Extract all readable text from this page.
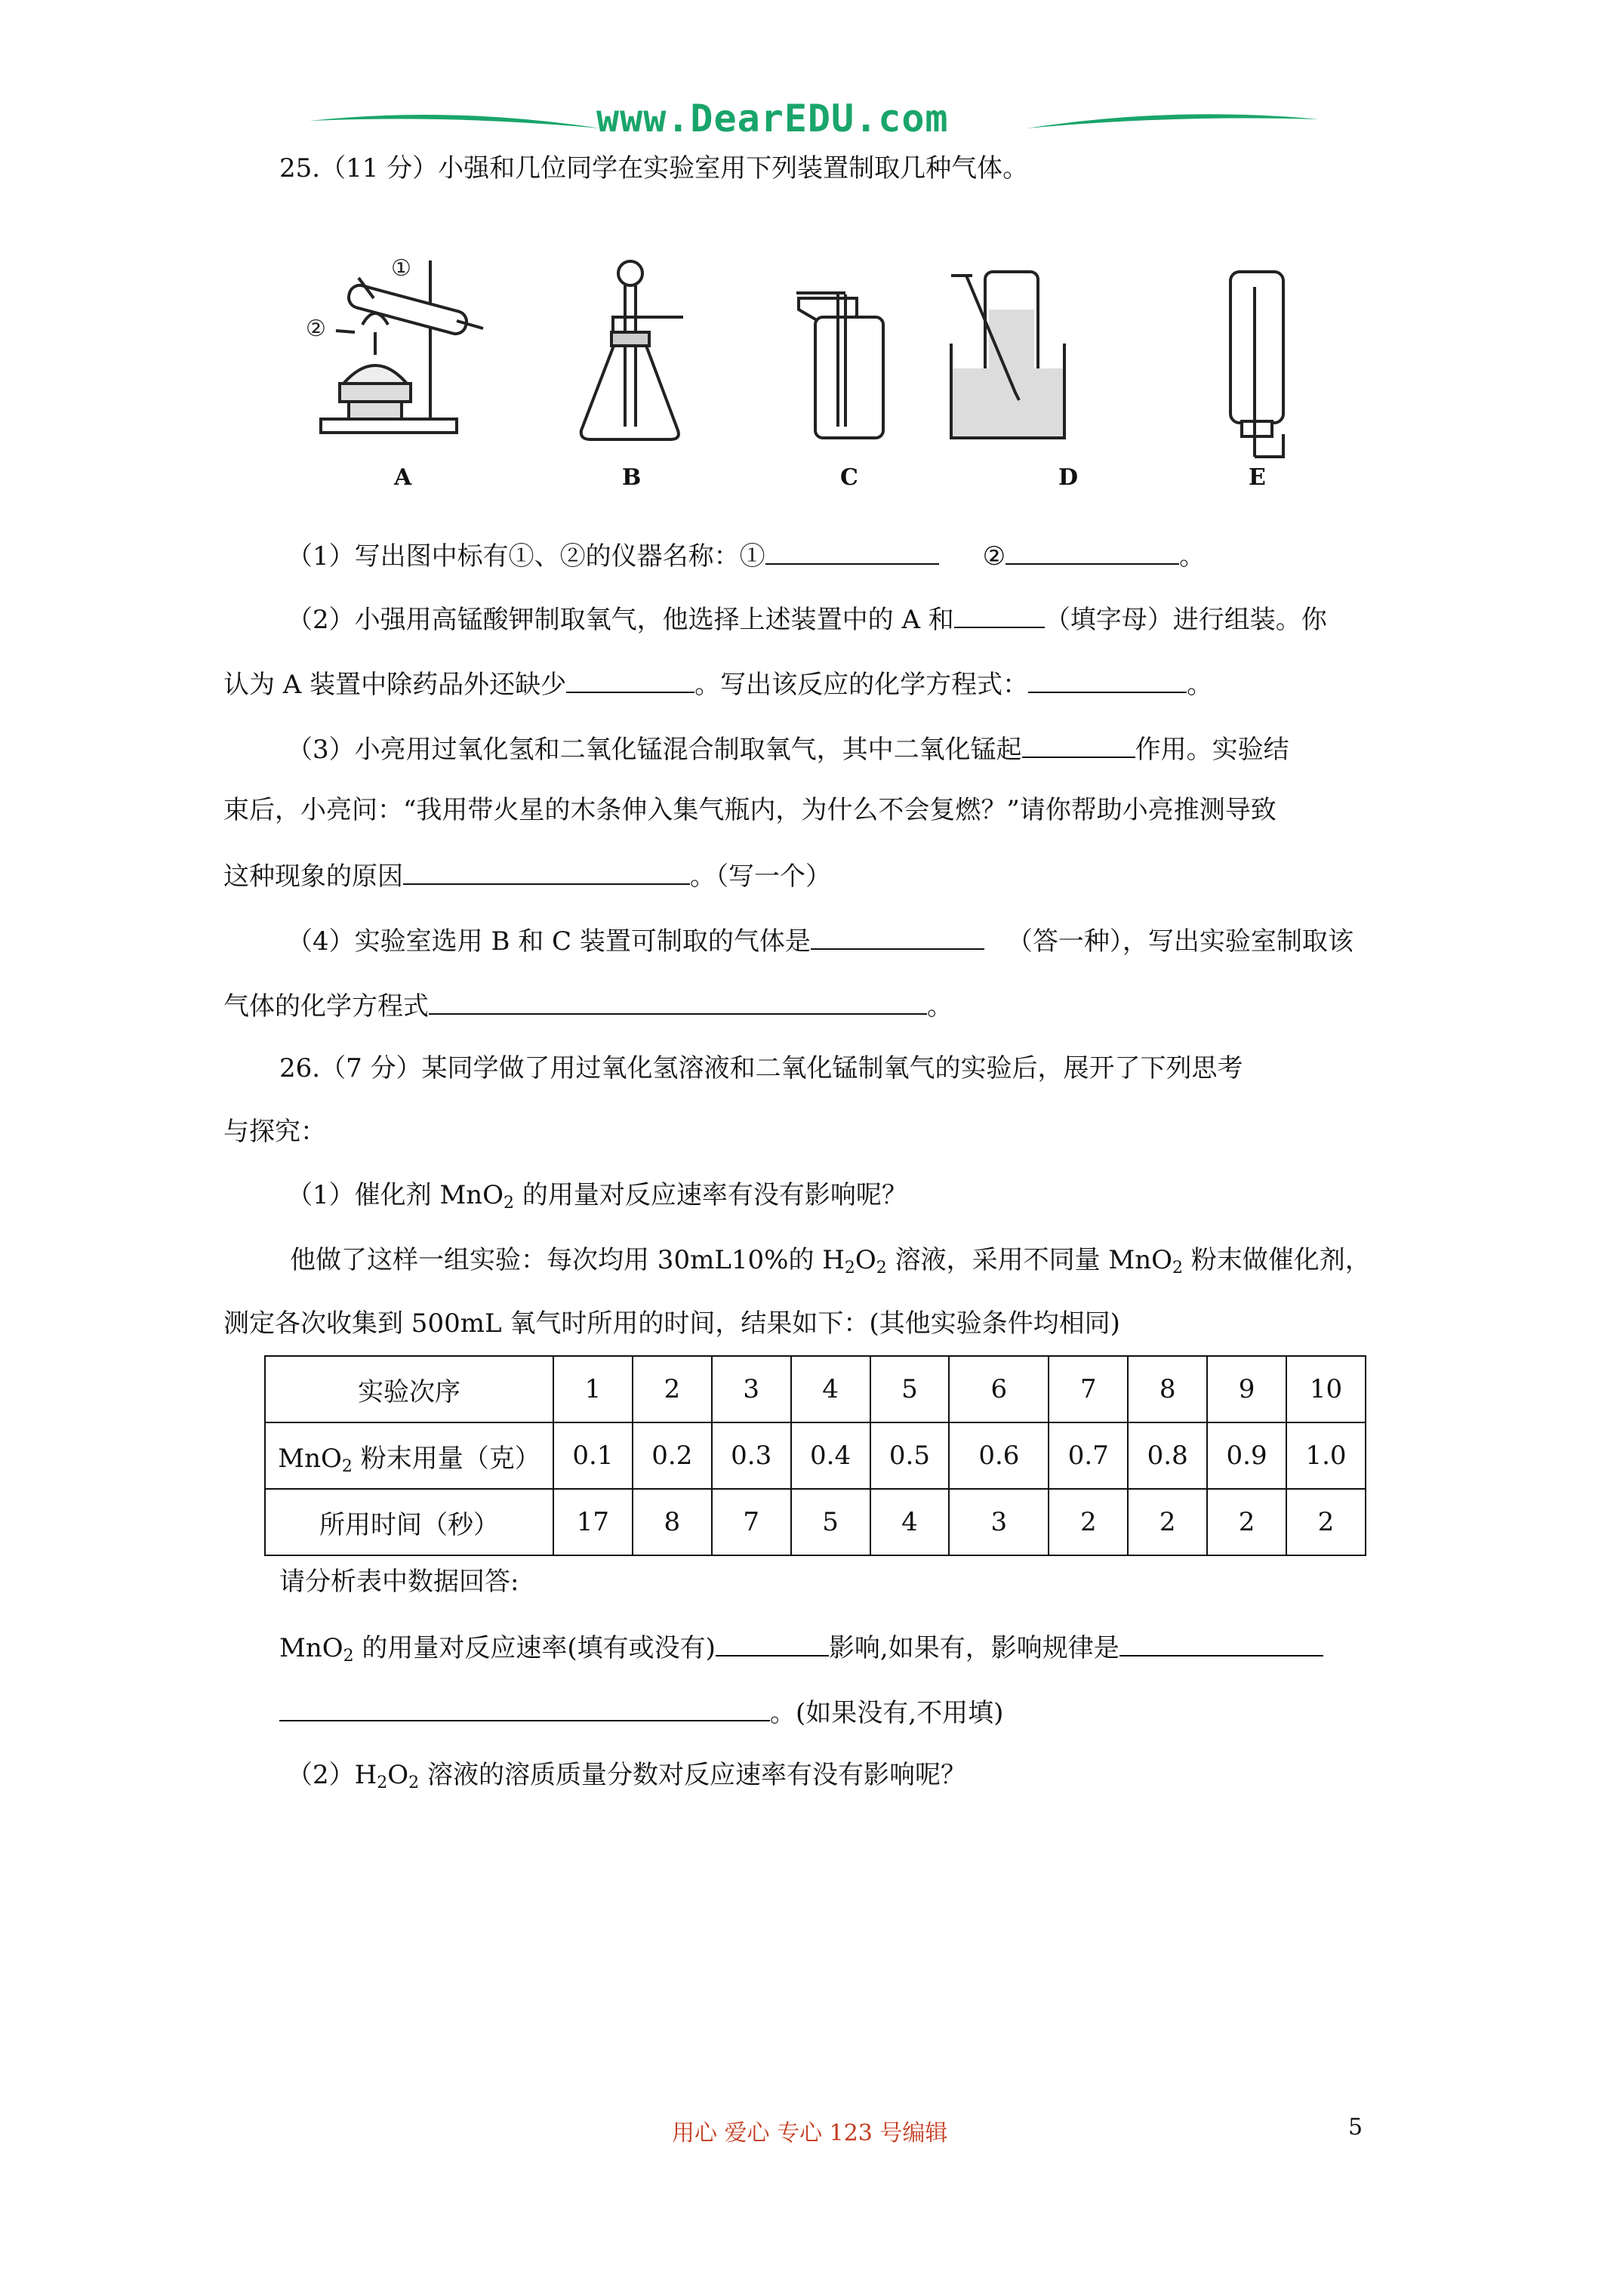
www.DearEDU.com
25.（11 分）小强和几位同学在实验室用下列装置制取几种气体。
①
②
A	B	C	D	E
（1）写出图中标有①、②的仪器名称：①	②	。
（2）小强用高锰酸钾制取氧气，他选择上述装置中的 A 和	（填字母）进行组装。你
认为 A 装置中除药品外还缺少	。写出该反应的化学方程式：	。
（3）小亮用过氧化氢和二氧化锰混合制取氧气，其中二氧化锰起	作用。实验结
束后，小亮问：“我用带火星的木条伸入集气瓶内，为什么不会复燃？”请你帮助小亮推测导致
这种现象的原因	。（写一个）
（4）实验室选用 B 和 C 装置可制取的气体是	（答一种），写出实验室制取该
气体的化学方程式	。
26.（7 分）某同学做了用过氧化氢溶液和二氧化锰制氧气的实验后，展开了下列思考
与探究：
（1）催化剂 MnO$_2$ 的用量对反应速率有没有影响呢？
他做了这样一组实验：每次均用 30mL10%的 $H_2O_2$ 溶液，采用不同量 MnO$_2$ 粉末做催化剂，
测定各次收集到 500mL 氧气时所用的时间，结果如下：(其他实验条件均相同)
实验次序	1	2	3	4	5	6	7	8	9	10
MnO$_2$ 粉末用量（克）	0.1	0.2	0.3	0.4	0.5	0.6	0.7	0.8	0.9	1.0
所用时间（秒）	17	8	7	5	4	3	2	2	2	2
请分析表中数据回答:
MnO$_2$ 的用量对反应速率(填有或没有)	影响,如果有，影响规律是
。(如果没有,不用填)
$(2)H_2O_2$ 溶液的溶质质量分数对反应速率有没有影响呢？
用心 爱心 专心 123 号编辑	5
